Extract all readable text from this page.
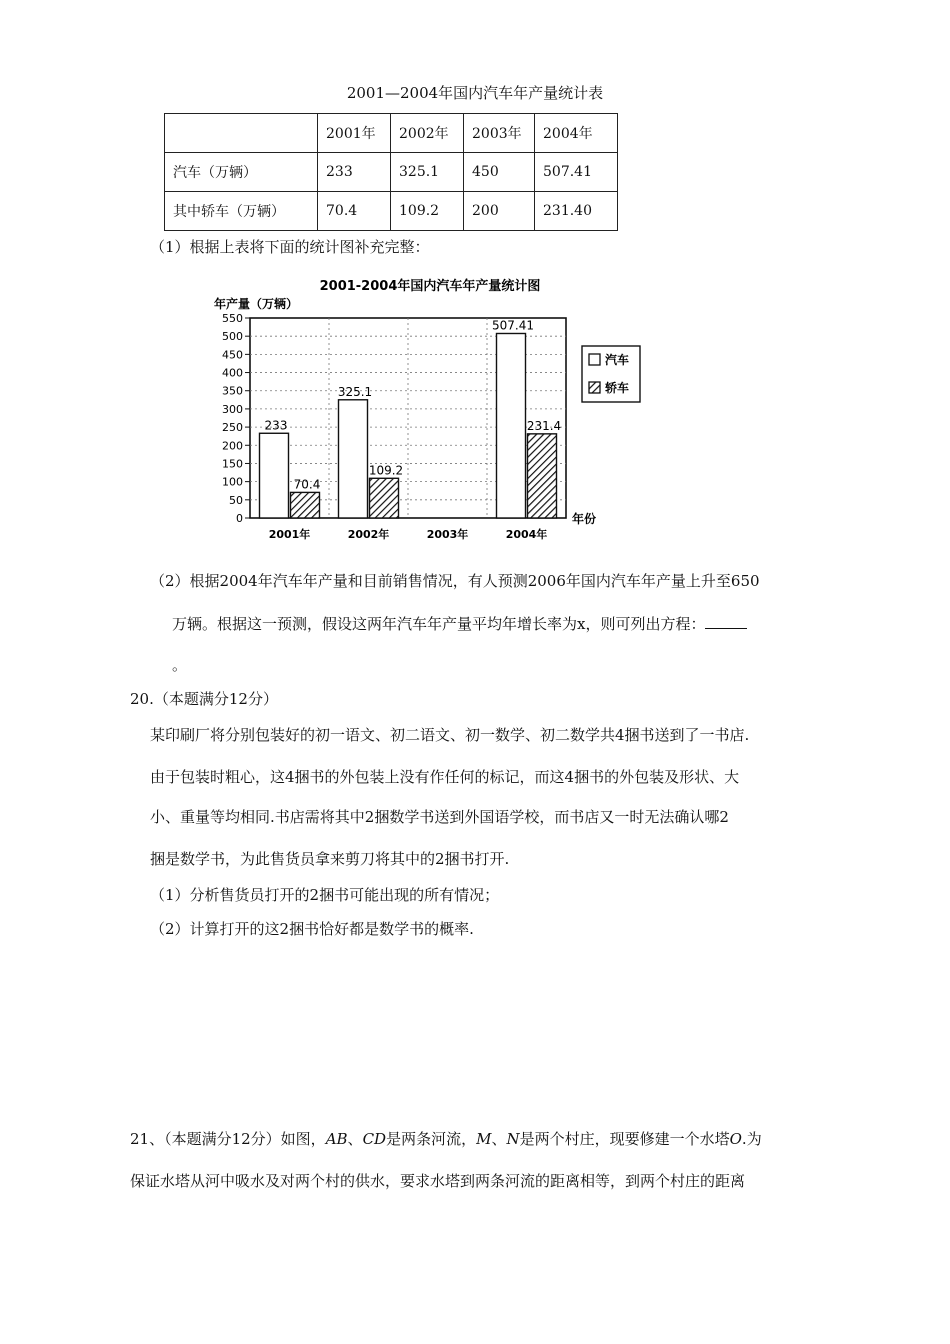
2001—2004年国内汽车年产量统计表
	2001年	2002年	2003年	2004年
汽车（万辆）	233	325.1	450	507.41
其中轿车（万辆）	70.4	109.2	200	231.40
（1）根据上表将下面的统计图补充完整：
2001-2004年国内汽车年产量统计图
年产量（万辆）
0
50
100
150
200
250
300
350
400
450
500
550
233
70.4
325.1
109.2
507.41
231.4
2001年	2002年	2003年	2004年
年份
汽车
轿车
（2）根据2004年汽车年产量和目前销售情况，有人预测2006年国内汽车年产量上升至650
万辆。根据这一预测，假设这两年汽车年产量平均年增长率为x，则可列出方程：
。
20.（本题满分12分）
某印刷厂将分别包装好的初一语文、初二语文、初一数学、初二数学共4捆书送到了一书店.
由于包装时粗心，这4捆书的外包装上没有作任何的标记，而这4捆书的外包装及形状、大
小、重量等均相同.书店需将其中2捆数学书送到外国语学校，而书店又一时无法确认哪2
捆是数学书，为此售货员拿来剪刀将其中的2捆书打开.
（1）分析售货员打开的2捆书可能出现的所有情况；
（2）计算打开的这2捆书恰好都是数学书的概率.
21、（本题满分12分）如图，AB、CD是两条河流，M、N是两个村庄，现要修建一个水塔O.为
保证水塔从河中吸水及对两个村的供水，要求水塔到两条河流的距离相等，到两个村庄的距离
